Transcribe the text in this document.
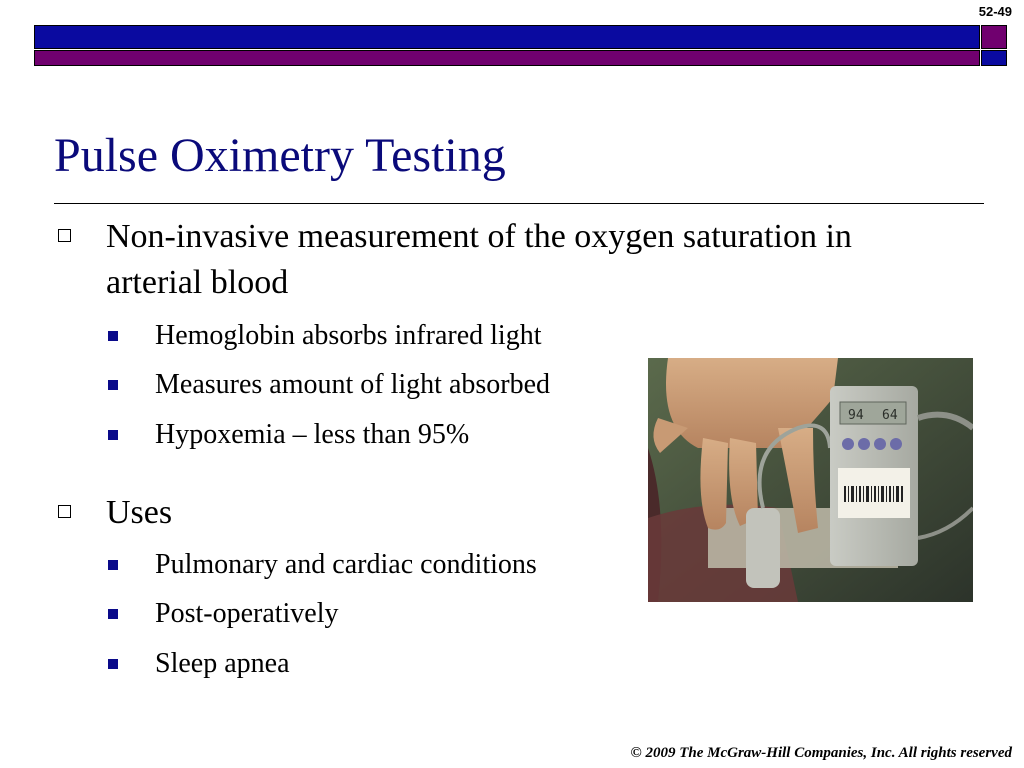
52-49
Pulse Oximetry Testing
Non-invasive measurement of the oxygen saturation in arterial blood
Hemoglobin absorbs infrared light
Measures amount of light absorbed
Hypoxemia – less than 95%
Uses
Pulmonary and cardiac conditions
Post-operatively
Sleep apnea
94 64
© 2009 The McGraw-Hill Companies, Inc. All rights reserved
